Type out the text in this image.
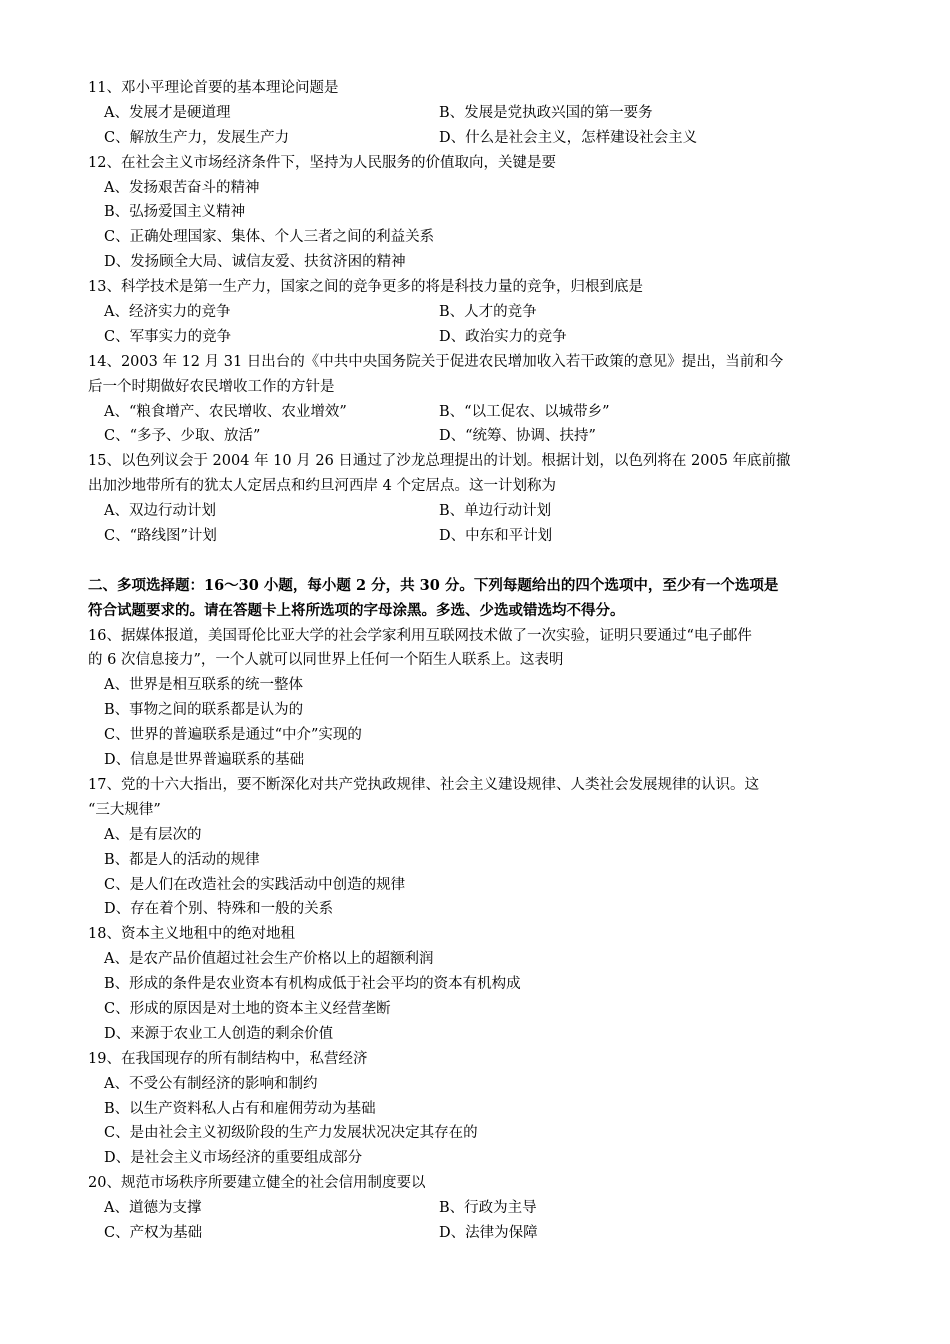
11、邓小平理论首要的基本理论问题是
A、发展才是硬道理	B、发展是党执政兴国的第一要务
C、解放生产力，发展生产力	D、什么是社会主义，怎样建设社会主义
12、在社会主义市场经济条件下，坚持为人民服务的价值取向，关键是要
A、发扬艰苦奋斗的精神
B、弘扬爱国主义精神
C、正确处理国家、集体、个人三者之间的利益关系
D、发扬顾全大局、诚信友爱、扶贫济困的精神
13、科学技术是第一生产力，国家之间的竞争更多的将是科技力量的竞争，归根到底是
A、经济实力的竞争	B、人才的竞争
C、军事实力的竞争	D、政治实力的竞争
14、2003 年 12 月 31 日出台的《中共中央国务院关于促进农民增加收入若干政策的意见》提出，当前和今
后一个时期做好农民增收工作的方针是
A、“粮食增产、农民增收、农业增效”	B、“以工促农、以城带乡”
C、“多予、少取、放活”	D、“统筹、协调、扶持”
15、以色列议会于 2004 年 10 月 26 日通过了沙龙总理提出的计划。根据计划，以色列将在 2005 年底前撤
出加沙地带所有的犹太人定居点和约旦河西岸 4 个定居点。这一计划称为
A、双边行动计划	B、单边行动计划
C、“路线图”计划	D、中东和平计划
二、多项选择题：16～30 小题，每小题 2 分，共 30 分。下列每题给出的四个选项中，至少有一个选项是
符合试题要求的。请在答题卡上将所选项的字母涂黑。多选、少选或错选均不得分。
16、据媒体报道，美国哥伦比亚大学的社会学家利用互联网技术做了一次实验，证明只要通过“电子邮件
的 6 次信息接力”，一个人就可以同世界上任何一个陌生人联系上。这表明
A、世界是相互联系的统一整体
B、事物之间的联系都是认为的
C、世界的普遍联系是通过“中介”实现的
D、信息是世界普遍联系的基础
17、党的十六大指出，要不断深化对共产党执政规律、社会主义建设规律、人类社会发展规律的认识。这
“三大规律”
A、是有层次的
B、都是人的活动的规律
C、是人们在改造社会的实践活动中创造的规律
D、存在着个别、特殊和一般的关系
18、资本主义地租中的绝对地租
A、是农产品价值超过社会生产价格以上的超额利润
B、形成的条件是农业资本有机构成低于社会平均的资本有机构成
C、形成的原因是对土地的资本主义经营垄断
D、来源于农业工人创造的剩余价值
19、在我国现存的所有制结构中，私营经济
A、不受公有制经济的影响和制约
B、以生产资料私人占有和雇佣劳动为基础
C、是由社会主义初级阶段的生产力发展状况决定其存在的
D、是社会主义市场经济的重要组成部分
20、规范市场秩序所要建立健全的社会信用制度要以
A、道德为支撑	B、行政为主导
C、产权为基础	D、法律为保障
